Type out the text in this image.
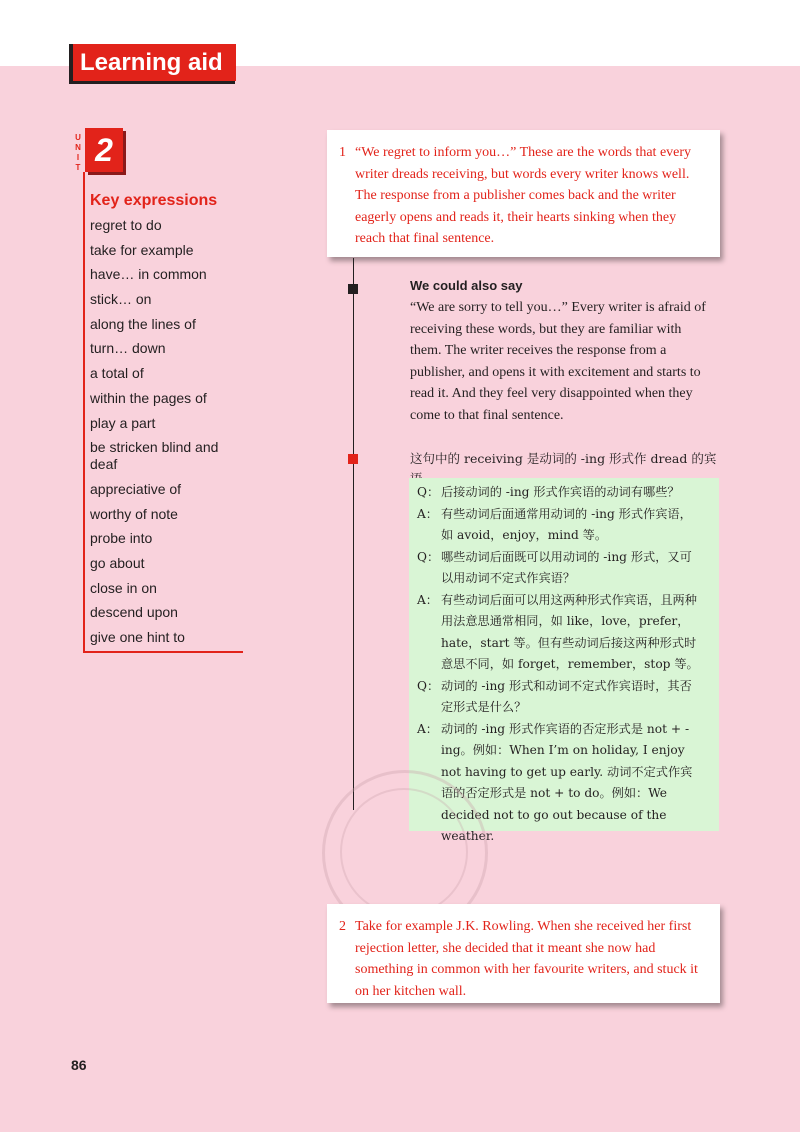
Learning aid
U
N
I
T 2
Key expressions
regret to do
take for example
have… in common
stick… on
along the lines of
turn… down
a total of
within the pages of
play a part
be stricken blind and deaf
appreciative of
worthy of note
probe into
go about
close in on
descend upon
give one hint to
1 “We regret to inform you…” These are the words that every writer dreads receiving, but words every writer knows well. The response from a publisher comes back and the writer eagerly opens and reads it, their hearts sinking when they reach that final sentence.
We could also say
“We are sorry to tell you…” Every writer is afraid of receiving these words, but they are familiar with them. The writer receives the response from a publisher, and opens it with excitement and starts to read it. And they feel very disappointed when they come to that final sentence.
这句中的 receiving 是动词的 -ing 形式作 dread 的宾
Q： 后接动词的 -ing 形式作宾语的动词有哪些？
A： 有些动词后面通常用动词的 -ing 形式作宾语，如 avoid，enjoy，mind 等。
Q： 哪些动词后面既可以用动词的 -ing 形式，又可以用动词不定式作宾语？
A： 有些动词后面可以用这两种形式作宾语，且两种用法意思通常相同，如 like，love，prefer，hate，start 等。但有些动词后接这两种形式时意思不同，如 forget，remember，stop 等。
Q： 动词的 -ing 形式和动词不定式作宾语时，其否定形式是什么？
A： 动词的 -ing 形式作宾语的否定形式是 not + -ing。例如：When I’m on holiday, I enjoy not having to get up early. 动词不定式作宾语的否定形式是 not + to do。例如：We decided not to go out because of the weather.
2 Take for example J.K. Rowling. When she received her first rejection letter, she decided that it meant she now had something in common with her favourite writers, and stuck it on her kitchen wall.
86
